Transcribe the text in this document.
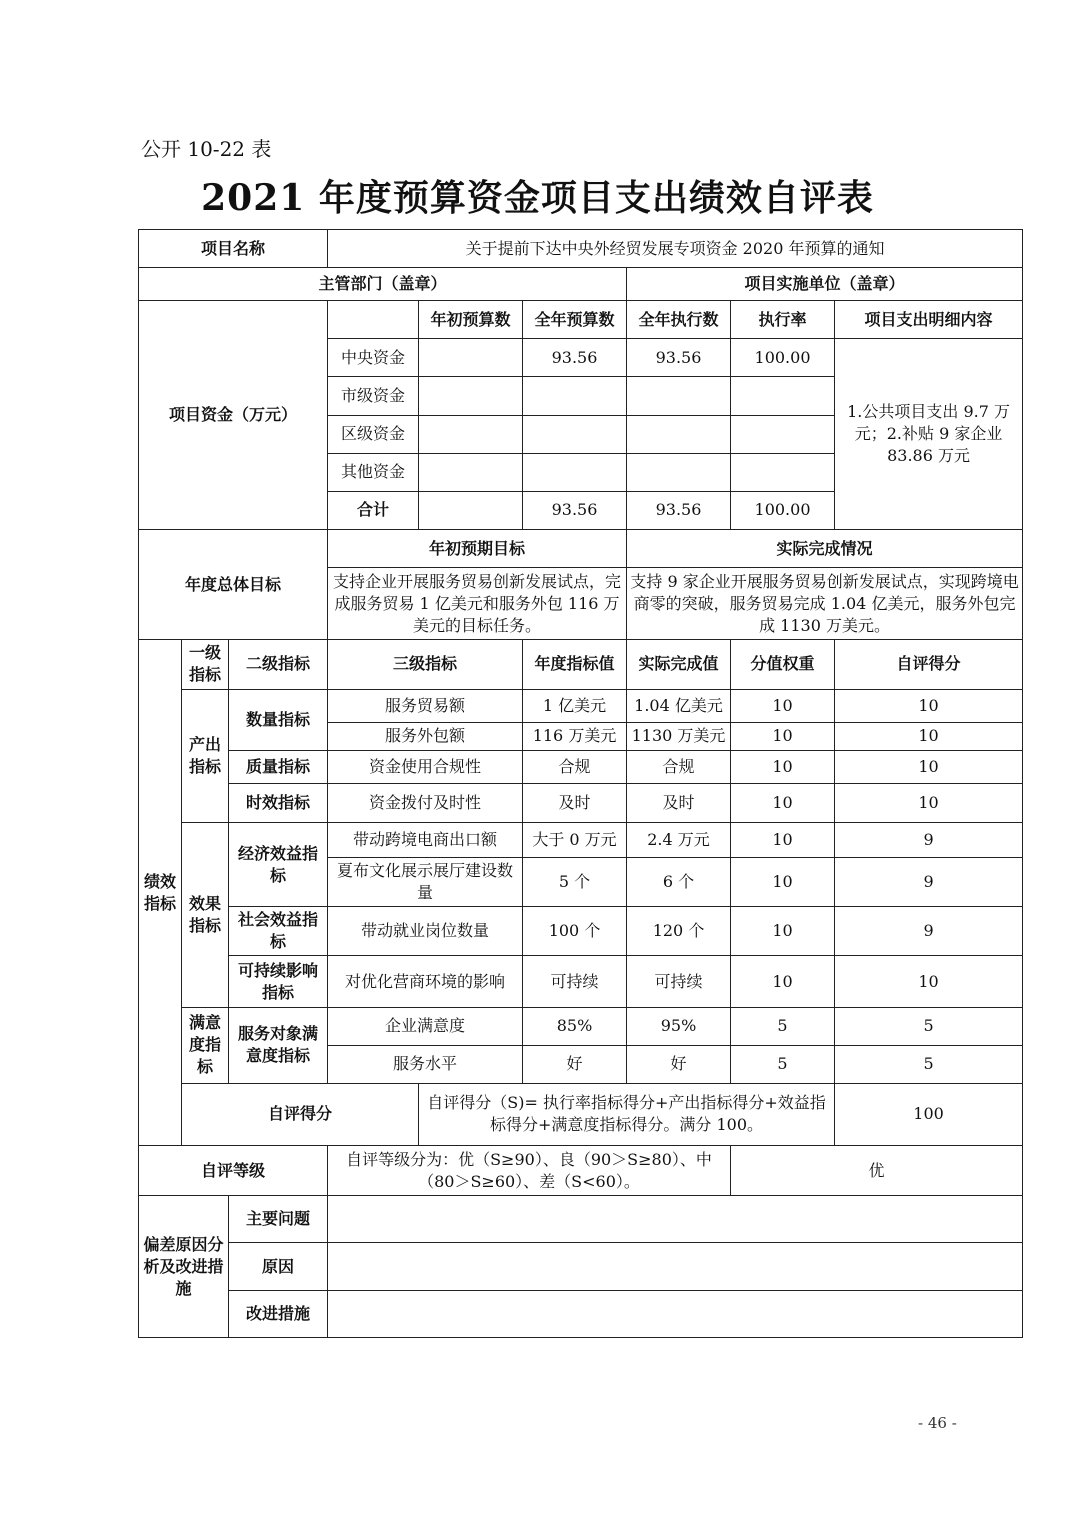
公开 10-22 表
2021 年度预算资金项目支出绩效自评表
项目名称			关于提前下达中央外经贸发展专项资金 2020 年预算的通知						
主管部门（盖章）						项目实施单位（盖章）			
项目资金（万元）				年初预算数	全年预算数	全年执行数	执行率	项目支出明细内容	
			中央资金		93.56	93.56	100.00	1.公共项目支出 9.7 万元；2.补贴 9 家企业 83.86 万元	
			市级资金						
			区级资金						
			其他资金						
			合计		93.56	93.56	100.00		
年度总体目标			年初预期目标			实际完成情况			
			支持企业开展服务贸易创新发展试点，完成服务贸易 1 亿美元和服务外包 116 万美元的目标任务。			支持 9 家企业开展服务贸易创新发展试点，实现跨境电商零的突破，服务贸易完成 1.04 亿美元，服务外包完成 1130 万美元。			
绩效指标	一级指标	二级指标	三级指标		年度指标值	实际完成值	分值权重	自评得分	
	产出指标	数量指标	服务贸易额		1 亿美元	1.04 亿美元	10	10	
			服务外包额		116 万美元	1130 万美元	10	10	
		质量指标	资金使用合规性		合规	合规	10	10	
		时效指标	资金拨付及时性		及时	及时	10	10	
	效果指标	经济效益指标	带动跨境电商出口额		大于 0 万元	2.4 万元	10	9	
			夏布文化展示展厅建设数量		5 个	6 个	10	9	
		社会效益指标	带动就业岗位数量		100 个	120 个	10	9	
		可持续影响指标	对优化营商环境的影响		可持续	可持续	10	10	
	满意度指标	服务对象满意度指标	企业满意度		85%	95%	5	5	
			服务水平		好	好	5	5	
	自评得分			自评得分（S)= 执行率指标得分+产出指标得分+效益指标得分+满意度指标得分。满分 100。				100	
自评等级			自评等级分为：优（S≥90）、良（90＞S≥80）、中（80＞S≥60）、差（S<60）。				优		
偏差原因分析及改进措施		主要问题							
		原因							
		改进措施							
- 46 -
